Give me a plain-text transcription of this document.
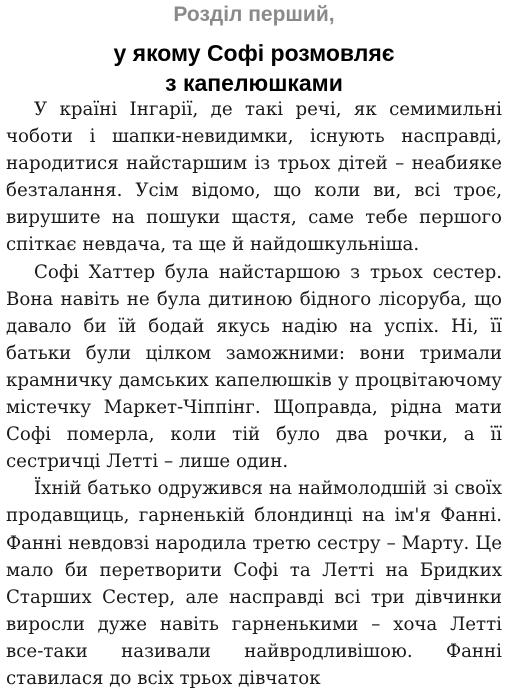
Розділ перший,
у якому Софі розмовляє
з капелюшками

У країні Інгарії, де такі речі, як семимильні чоботи і шапки-невидимки, існують насправді, народитися найстаршим із трьох дітей – неабияке безталання. Усім відомо, що коли ви, всі троє, вирушите на пошуки щастя, саме тебе першого спіткає невдача, та ще й найдошкульніша.

Софі Хаттер була найстаршою з трьох сестер. Вона навіть не була дитиною бідного лісоруба, що давало би їй бодай якусь надію на успіх. Ні, її батьки були цілком заможними: вони тримали крамничку дамських капелюшків у процвітаючому містечку Маркет-Чіппінг. Щоправда, рідна мати Софі померла, коли тій було два рочки, а її сестричці Летті – лише один.

Їхній батько одружився на наймолодшій зі своїх продавщиць, гарненькій блондинці на ім'я Фанні. Фанні невдовзі народила третю сестру – Марту. Це мало би перетворити Софі та Летті на Бридких Старших Сестер, але насправді всі три дівчинки виросли дуже навіть гарненькими – хоча Летті все-таки називали найвродливішою. Фанні ставилася до всіх трьох дівчаток
